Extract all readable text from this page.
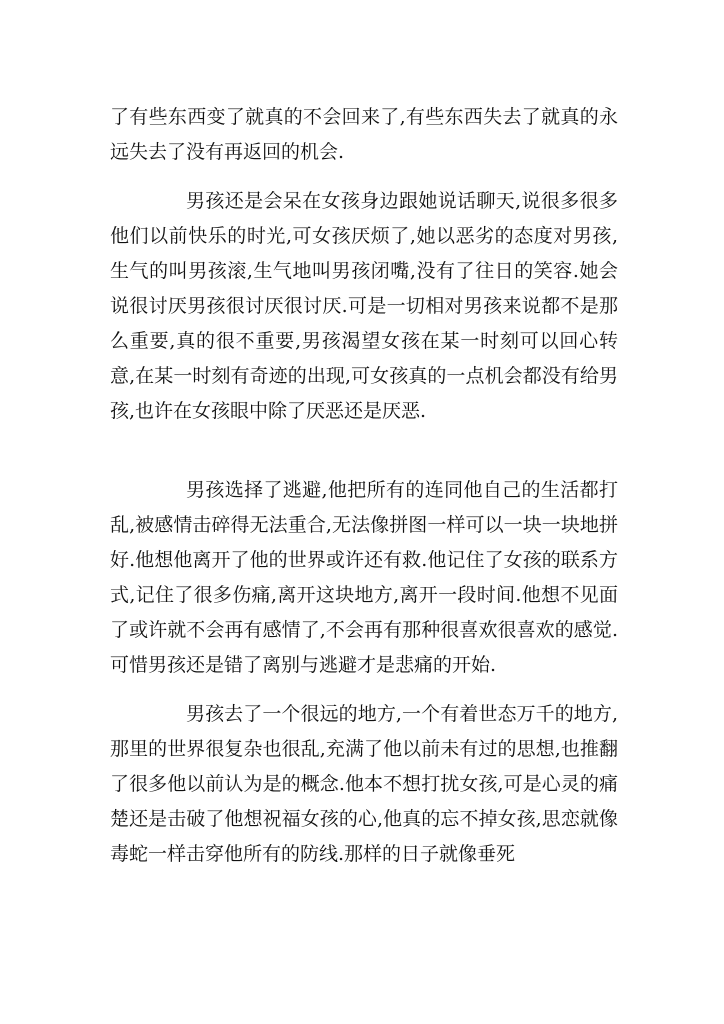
了有些东西变了就真的不会回来了,有些东西失去了就真的永远失去了没有再返回的机会.

男孩还是会呆在女孩身边跟她说话聊天,说很多很多他们以前快乐的时光,可女孩厌烦了,她以恶劣的态度对男孩,生气的叫男孩滚,生气地叫男孩闭嘴,没有了往日的笑容.她会说很讨厌男孩很讨厌很讨厌.可是一切相对男孩来说都不是那么重要,真的很不重要,男孩渴望女孩在某一时刻可以回心转意,在某一时刻有奇迹的出现,可女孩真的一点机会都没有给男孩,也许在女孩眼中除了厌恶还是厌恶.

男孩选择了逃避,他把所有的连同他自己的生活都打乱,被感情击碎得无法重合,无法像拼图一样可以一块一块地拼好.他想他离开了他的世界或许还有救.他记住了女孩的联系方式,记住了很多伤痛,离开这块地方,离开一段时间.他想不见面了或许就不会再有感情了,不会再有那种很喜欢很喜欢的感觉.可惜男孩还是错了离别与逃避才是悲痛的开始.

男孩去了一个很远的地方,一个有着世态万千的地方,那里的世界很复杂也很乱,充满了他以前未有过的思想,也推翻了很多他以前认为是的概念.他本不想打扰女孩,可是心灵的痛楚还是击破了他想祝福女孩的心,他真的忘不掉女孩,思恋就像毒蛇一样击穿他所有的防线.那样的日子就像垂死
